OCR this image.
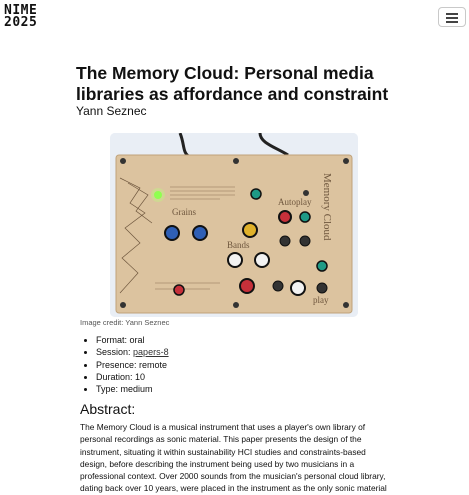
NIME
2025
The Memory Cloud: Personal media libraries as affordance and constraint

Yann Seznec

Grains
Bands
Autoplay
play
Memory Cloud
Image credit: Yann Seznec
• Format: oral
• Session: papers-8
• Presence: remote
• Duration: 10
• Type: medium
Abstract:

The Memory Cloud is a musical instrument that uses a player's own library of personal recordings as sonic material. This paper presents the design of the instrument, situating it within sustainability HCI studies and constraints-based design, before describing the instrument being used by two musicians in a professional context. Over 2000 sounds from the musician's personal cloud library, dating back over 10 years, were placed in the instrument as the only sonic material
